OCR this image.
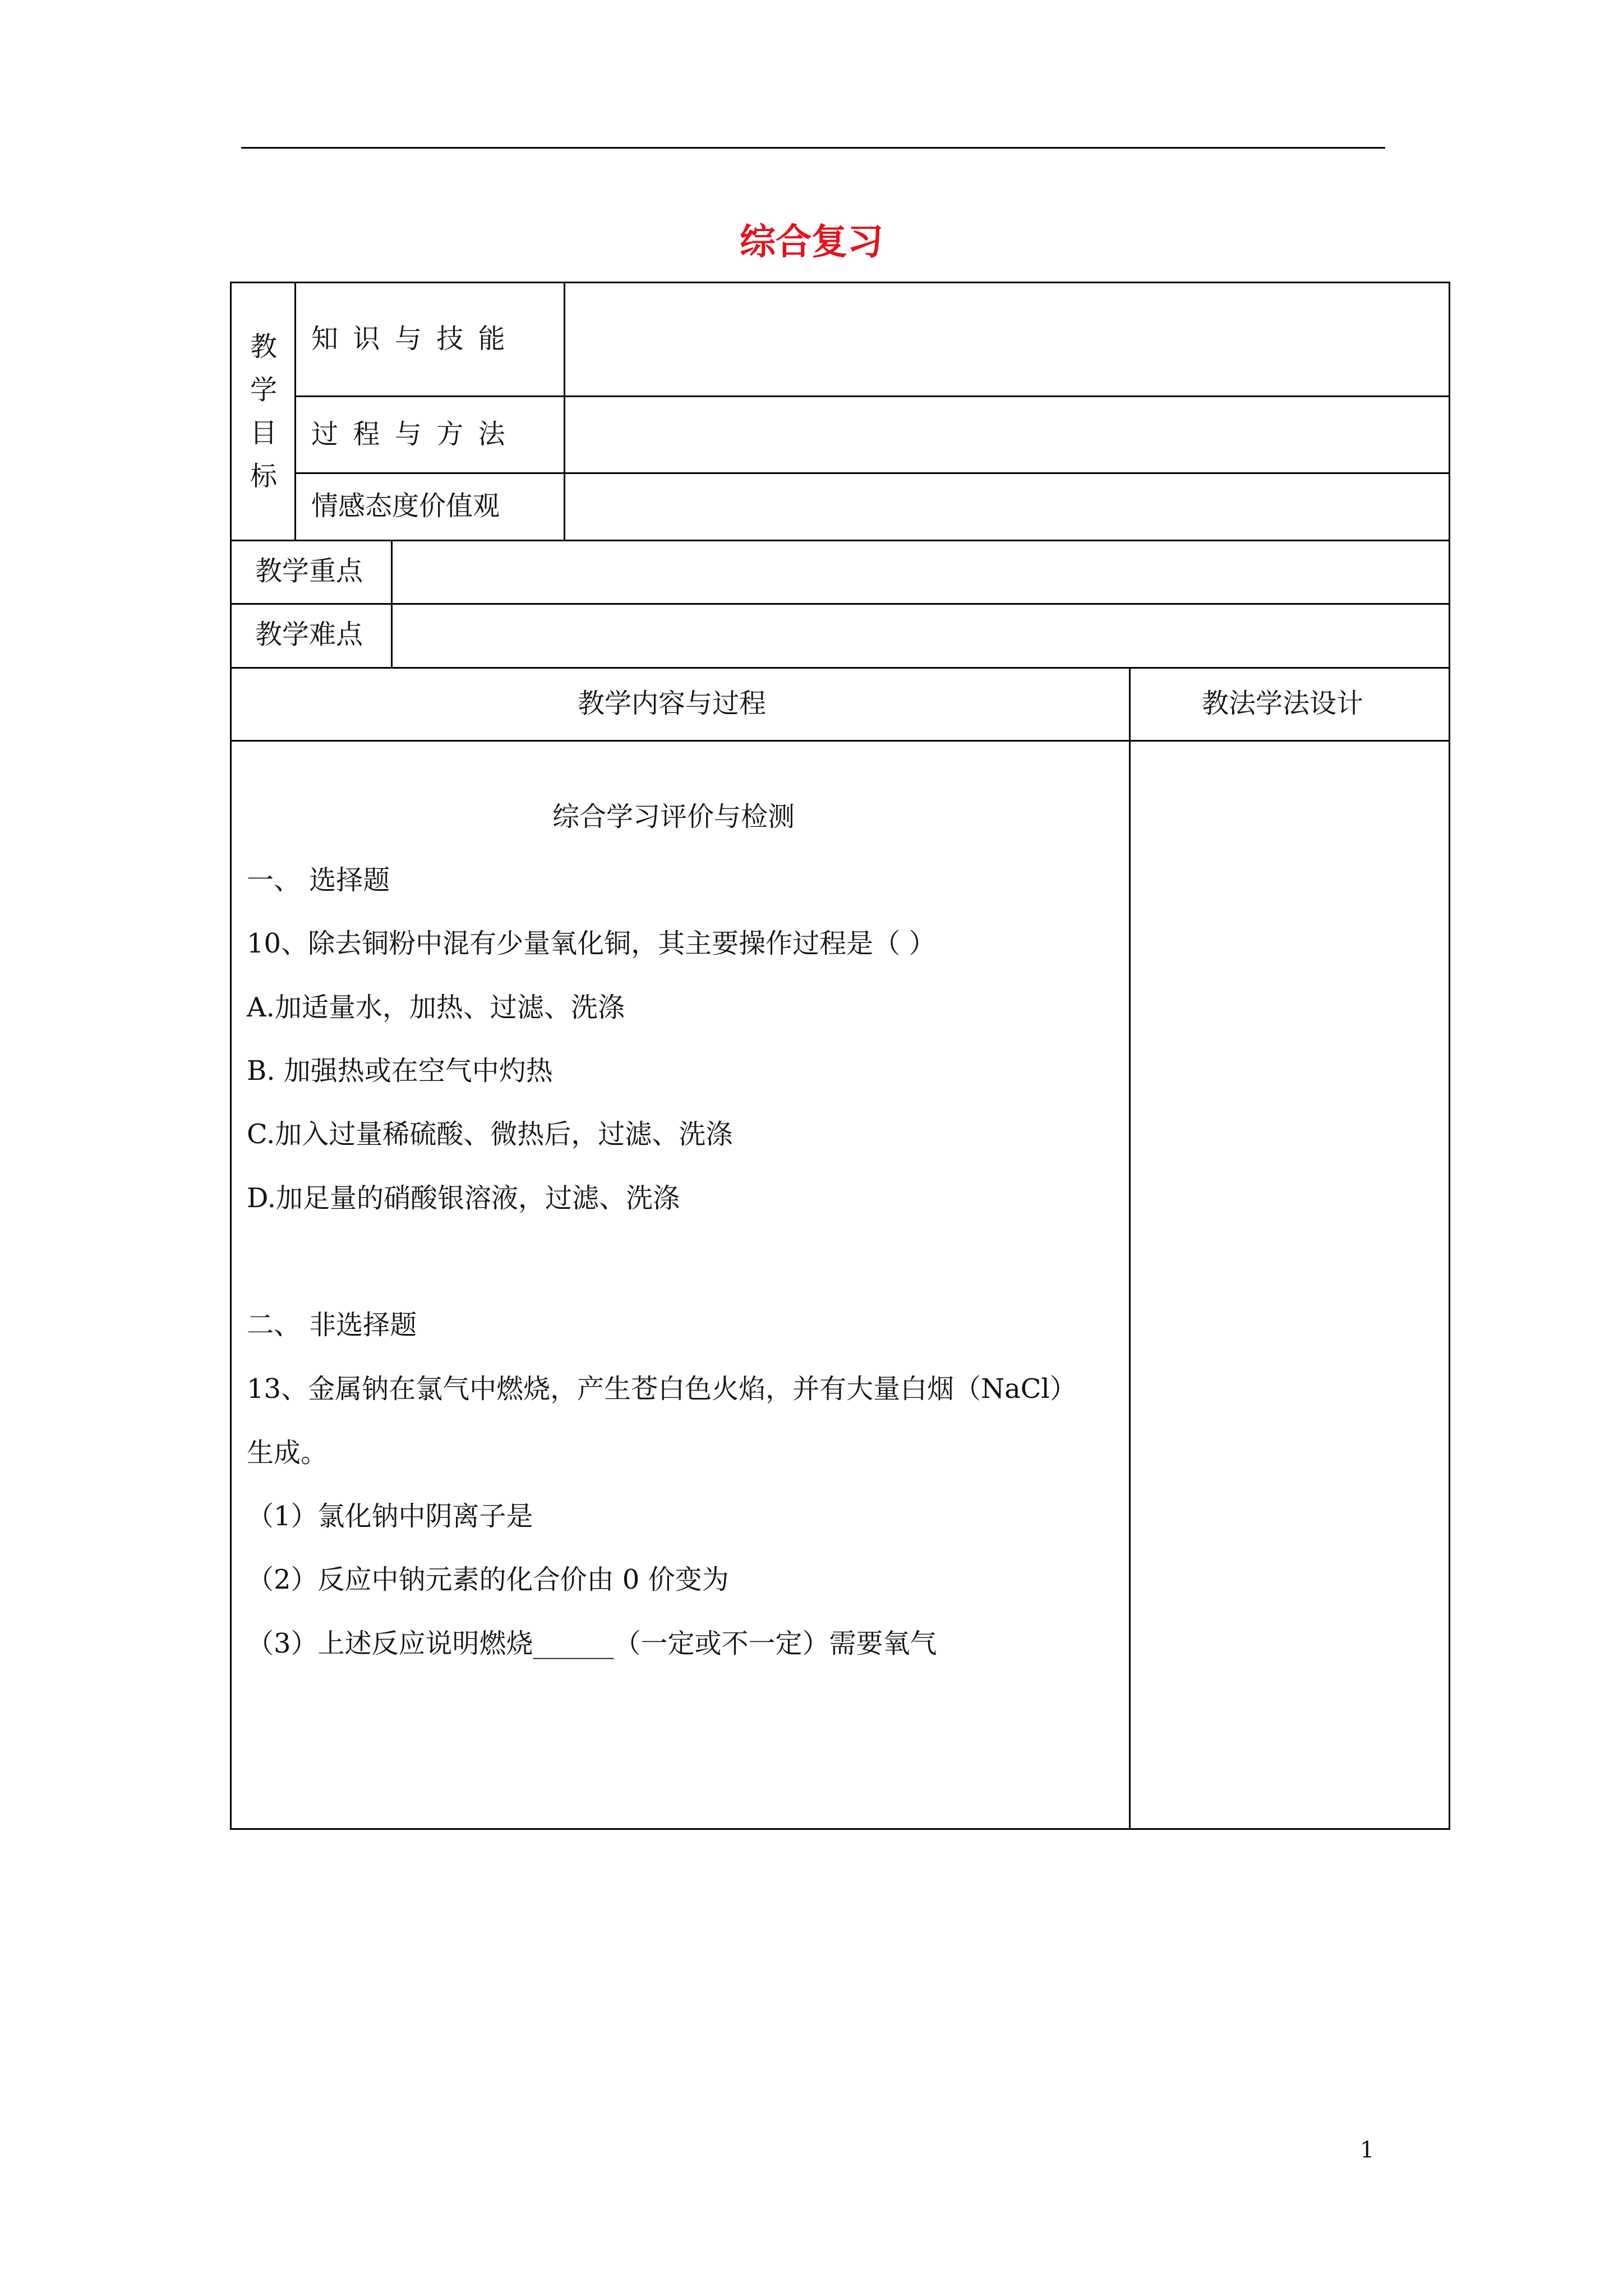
综合复习
教
学
目
标
知识与技能
过程与方法
情感态度价值观
教学重点
教学难点
教学内容与过程	教法学法设计
综合学习评价与检测
一、 选择题
10、除去铜粉中混有少量氧化铜，其主要操作过程是（ ）
A.加适量水，加热、过滤、洗涤
B. 加强热或在空气中灼热
C.加入过量稀硫酸、微热后，过滤、洗涤
D.加足量的硝酸银溶液，过滤、洗涤
二、 非选择题
13、金属钠在氯气中燃烧，产生苍白色火焰，并有大量白烟（NaCl）
生成。
（1）氯化钠中阴离子是
（2）反应中钠元素的化合价由 0 价变为
（3）上述反应说明燃烧______（一定或不一定）需要氧气
1
